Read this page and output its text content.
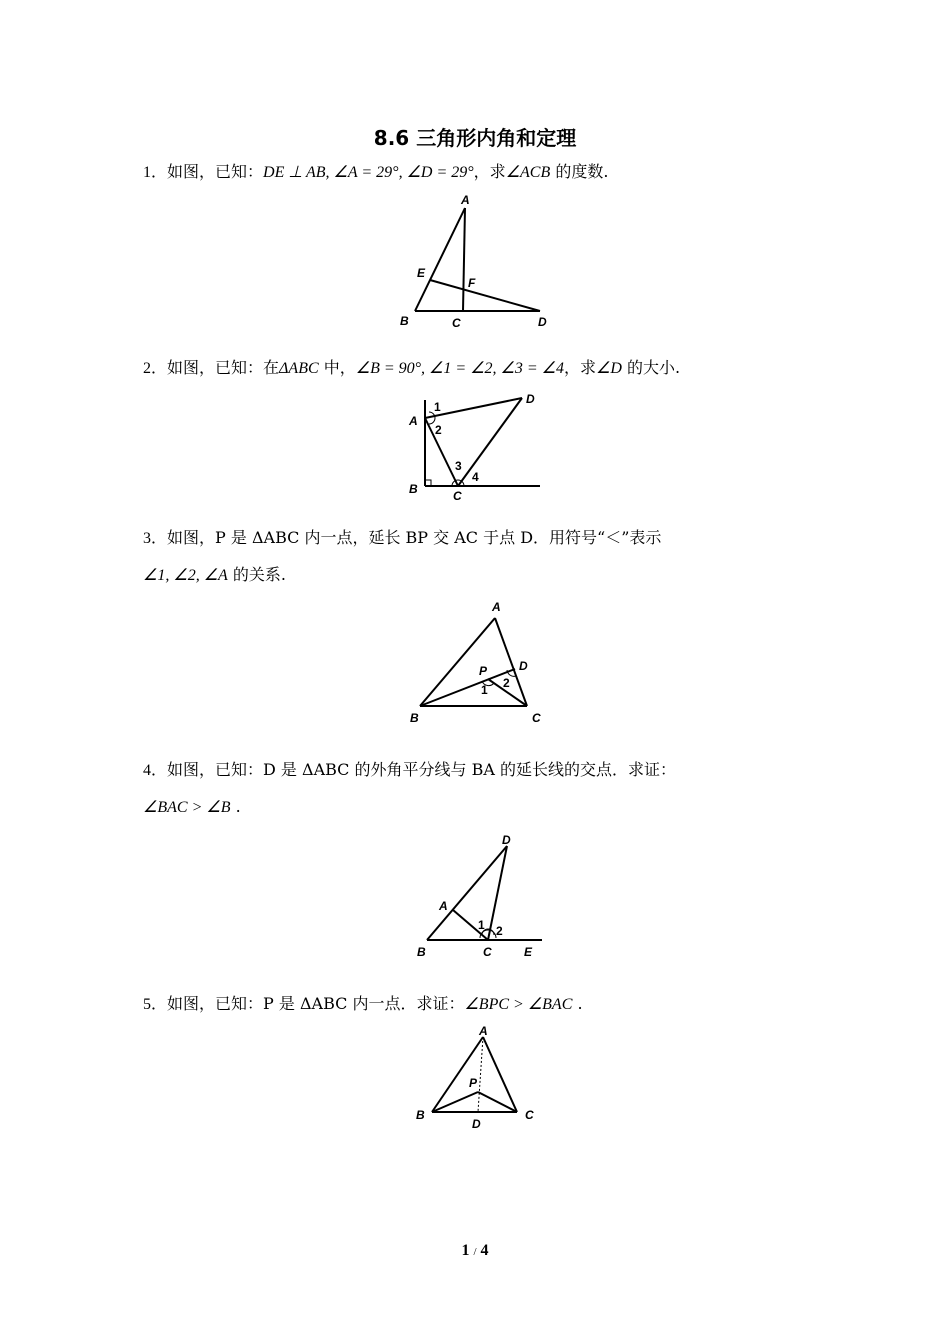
8.6 三角形内角和定理
1．如图，已知：DE ⊥ AB, ∠A = 29°, ∠D = 29°，求∠ACB 的度数.
A
E
F
B	C	D
2．如图，已知：在ΔABC 中，∠B = 90°, ∠1 = ∠2, ∠3 = ∠4，求∠D 的大小.
A
D
B	C
1
2
3
4
3．如图，P 是 ΔABC 内一点，延长 BP 交 AC 于点 D．用符号“＜”表示
∠1, ∠2, ∠A 的关系.
A
P	D
B	C
1 2
4．如图，已知：D 是 ΔABC 的外角平分线与 BA 的延长线的交点．求证：
∠BAC > ∠B .
D
A
B	C	E
1 2
5．如图，已知：P 是 ΔABC 内一点．求证：∠BPC > ∠BAC .
A
P
B
D
C
1 / 4
